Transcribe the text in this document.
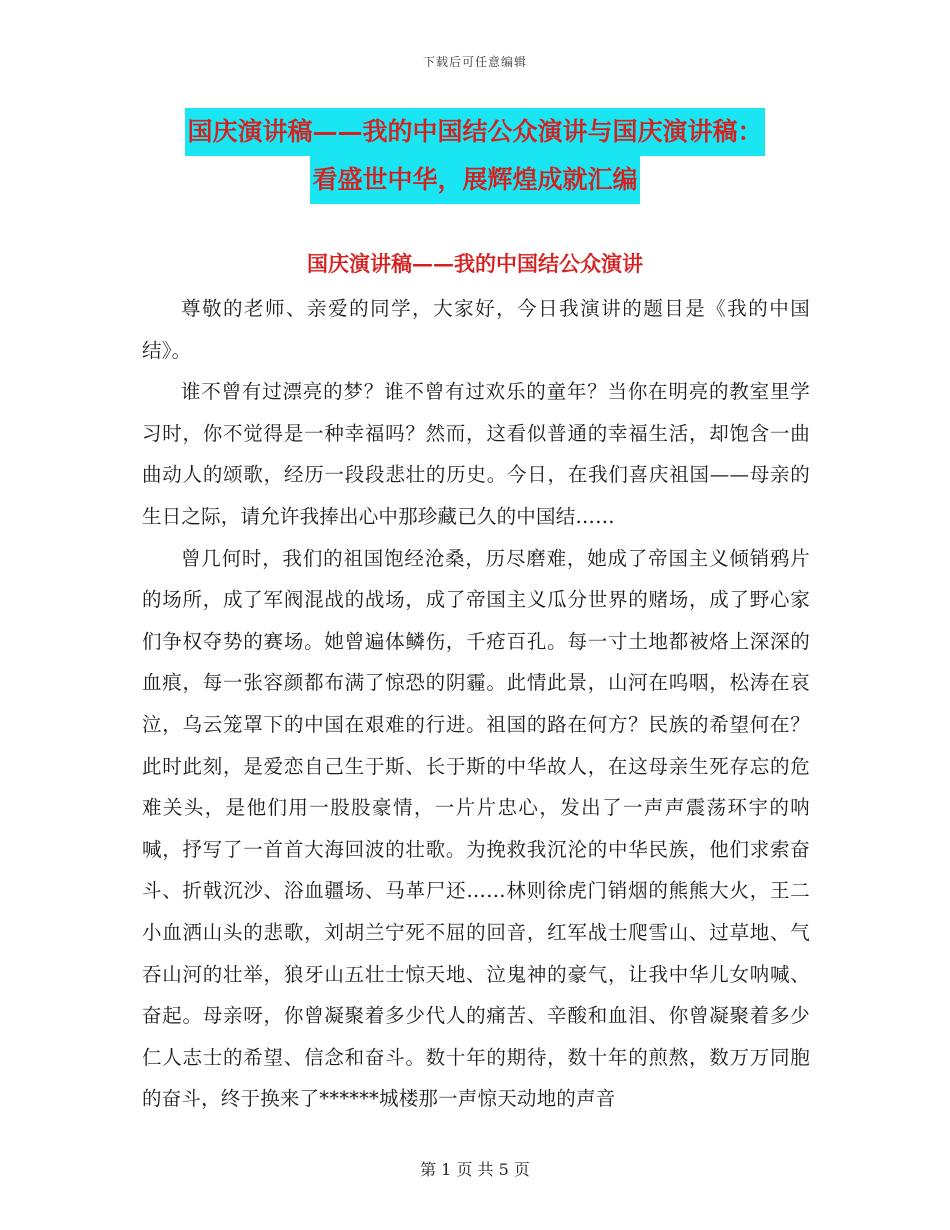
下载后可任意编辑
国庆演讲稿——我的中国结公众演讲与国庆演讲稿：
看盛世中华，展辉煌成就汇编
国庆演讲稿——我的中国结公众演讲

尊敬的老师、亲爱的同学，大家好，今日我演讲的题目是《我的中国结》。

谁不曾有过漂亮的梦？谁不曾有过欢乐的童年？当你在明亮的教室里学习时，你不觉得是一种幸福吗？然而，这看似普通的幸福生活，却饱含一曲曲动人的颂歌，经历一段段悲壮的历史。今日，在我们喜庆祖国——母亲的生日之际，请允许我捧出心中那珍藏已久的中国结……

曾几何时，我们的祖国饱经沧桑，历尽磨难，她成了帝国主义倾销鸦片的场所，成了军阀混战的战场，成了帝国主义瓜分世界的赌场，成了野心家们争权夺势的赛场。她曾遍体鳞伤，千疮百孔。每一寸土地都被烙上深深的血痕，每一张容颜都布满了惊恐的阴霾。此情此景，山河在呜咽，松涛在哀泣，乌云笼罩下的中国在艰难的行进。祖国的路在何方？民族的希望何在？此时此刻，是爱恋自己生于斯、长于斯的中华故人，在这母亲生死存忘的危难关头，是他们用一股股豪情，一片片忠心，发出了一声声震荡环宇的呐喊，抒写了一首首大海回波的壮歌。为挽救我沉沦的中华民族，他们求索奋斗、折戟沉沙、浴血疆场、马革尸还……林则徐虎门销烟的熊熊大火，王二小血洒山头的悲歌，刘胡兰宁死不屈的回音，红军战士爬雪山、过草地、气吞山河的壮举，狼牙山五壮士惊天地、泣鬼神的豪气，让我中华儿女呐喊、奋起。母亲呀，你曾凝聚着多少代人的痛苦、辛酸和血泪、你曾凝聚着多少仁人志士的希望、信念和奋斗。数十年的期待，数十年的煎熬，数万万同胞的奋斗，终于换来了******城楼那一声惊天动地的声音

第 1 页 共 5 页
